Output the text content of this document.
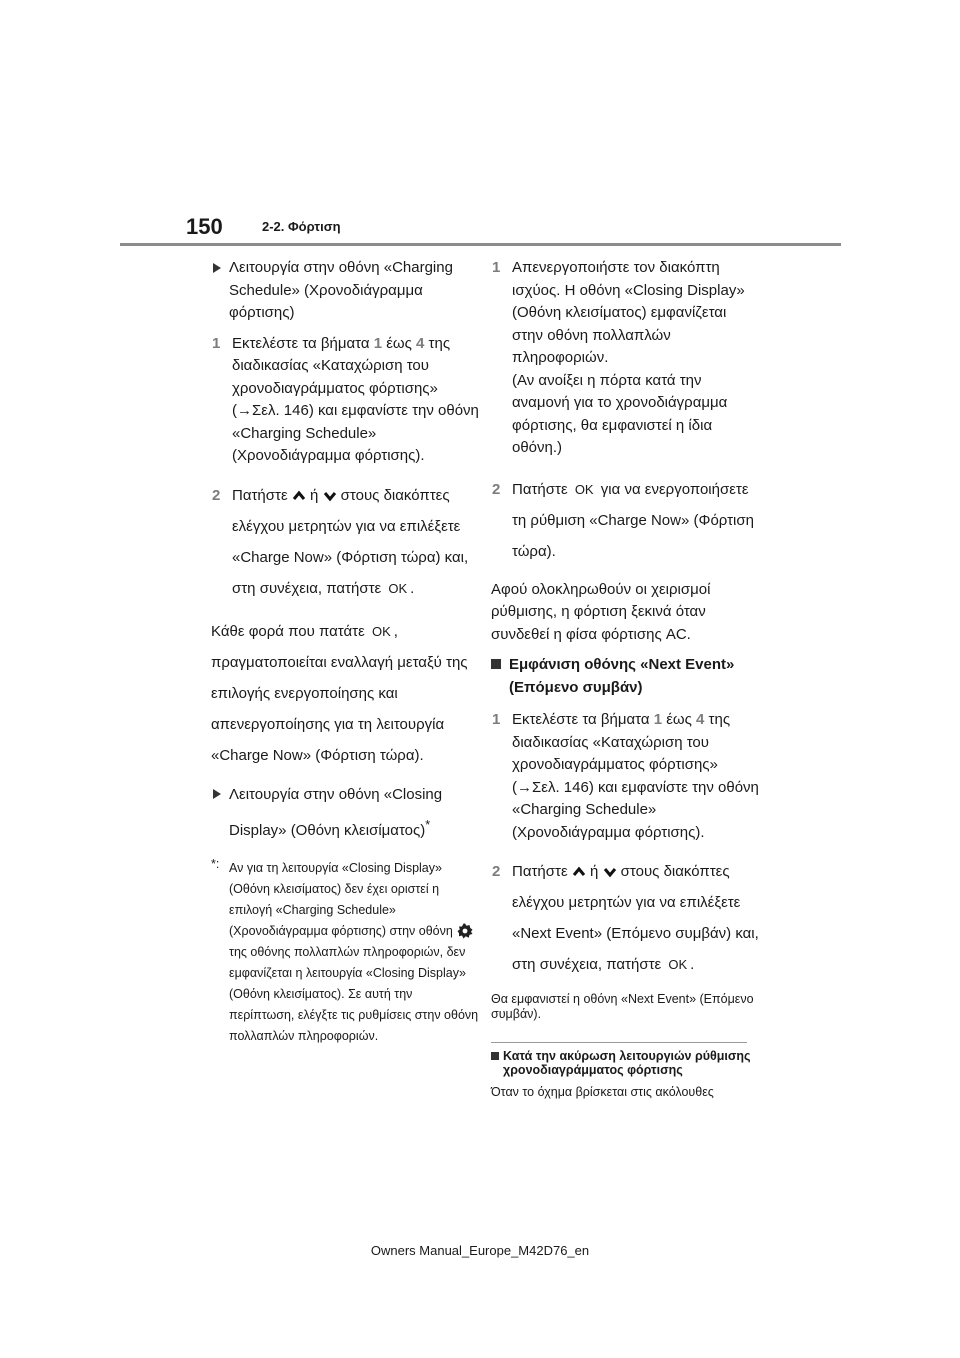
150	2-2. Φόρτιση
Λειτουργία στην οθόνη «Charging Schedule» (Χρονοδιάγραμμα φόρτισης)
1 Εκτελέστε τα βήματα 1 έως 4 της διαδικασίας «Καταχώριση του χρονοδιαγράμματος φόρτισης» (→Σελ. 146) και εμφανίστε την οθόνη «Charging Schedule» (Χρονοδιάγραμμα φόρτισης).
2 Πατήστε  ή  στους διακόπτες ελέγχου μετρητών για να επιλέξετε «Charge Now» (Φόρτιση τώρα) και, στη συνέχεια, πατήστε OK .

Κάθε φορά που πατάτε OK , πραγματοποιείται εναλλαγή μεταξύ της επιλογής ενεργοποίησης και απενεργοποίησης για τη λειτουργία «Charge Now» (Φόρτιση τώρα).

Λειτουργία στην οθόνη «Closing Display» (Οθόνη κλεισίματος)*
*: Αν για τη λειτουργία «Closing Display» (Οθόνη κλεισίματος) δεν έχει οριστεί η επιλογή «Charging Schedule» (Χρονοδιάγραμμα φόρτισης) στην οθόνη  της οθόνης πολλαπλών πληροφοριών, δεν εμφανίζεται η λειτουργία «Closing Display» (Οθόνη κλεισίματος). Σε αυτή την περίπτωση, ελέγξτε τις ρυθμίσεις στην οθόνη πολλαπλών πληροφοριών.
1 Απενεργοποιήστε τον διακόπτη ισχύος. Η οθόνη «Closing Display» (Οθόνη κλεισίματος) εμφανίζεται στην οθόνη πολλαπλών πληροφοριών.
(Αν ανοίξει η πόρτα κατά την αναμονή για το χρονοδιάγραμμα φόρτισης, θα εμφανιστεί η ίδια οθόνη.)
2 Πατήστε OK για να ενεργοποιήσετε τη ρύθμιση «Charge Now» (Φόρτιση τώρα).

Αφού ολοκληρωθούν οι χειρισμοί ρύθμισης, η φόρτιση ξεκινά όταν συνδεθεί η φίσα φόρτισης AC.

Εμφάνιση οθόνης «Next Event» (Επόμενο συμβάν)
1 Εκτελέστε τα βήματα 1 έως 4 της διαδικασίας «Καταχώριση του χρονοδιαγράμματος φόρτισης» (→Σελ. 146) και εμφανίστε την οθόνη «Charging Schedule» (Χρονοδιάγραμμα φόρτισης).
2 Πατήστε  ή  στους διακόπτες ελέγχου μετρητών για να επιλέξετε «Next Event» (Επόμενο συμβάν) και, στη συνέχεια, πατήστε OK .

Θα εμφανιστεί η οθόνη «Next Event» (Επόμενο συμβάν).

Κατά την ακύρωση λειτουργιών ρύθμισης χρονοδιαγράμματος φόρτισης

Όταν το όχημα βρίσκεται στις ακόλουθες

Owners Manual_Europe_M42D76_en
